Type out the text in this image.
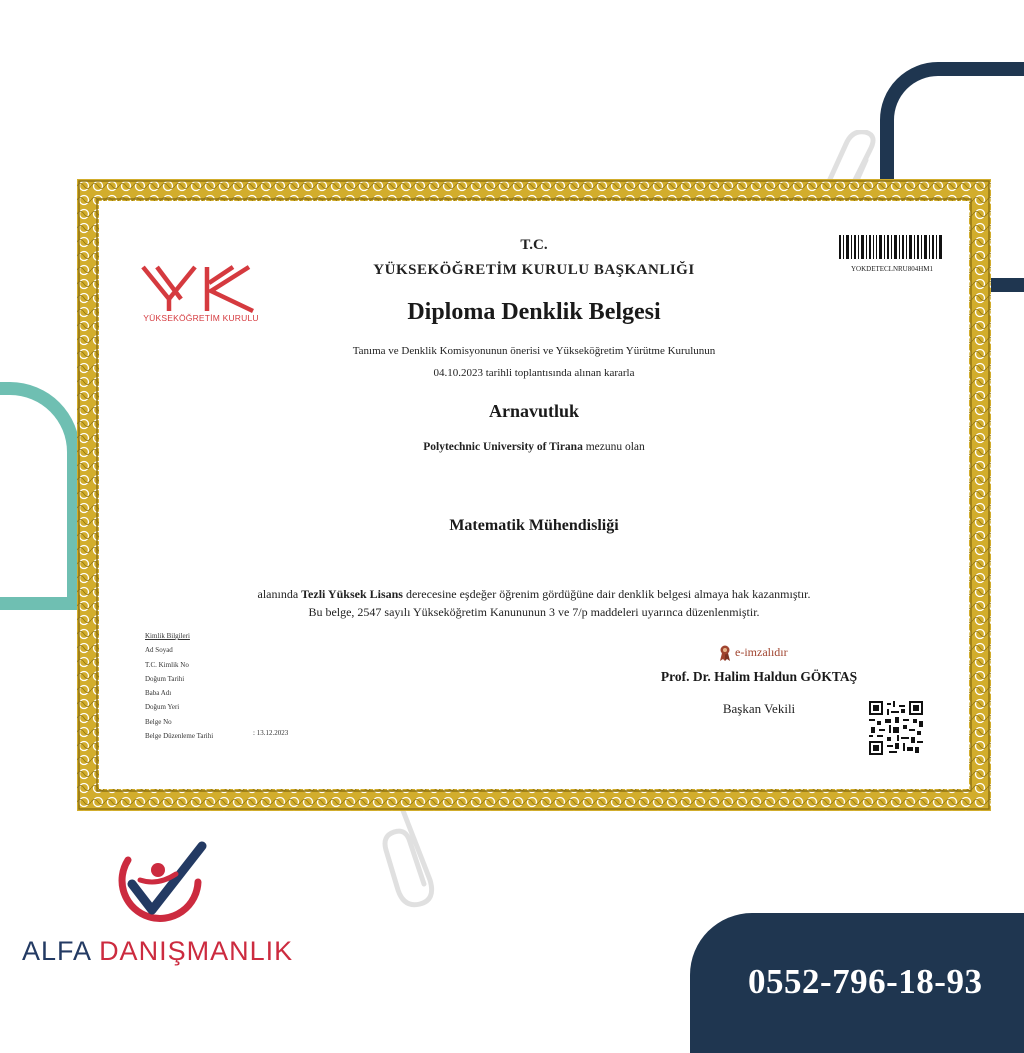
YÜKSEKÖĞRETİM KURULU
T.C.
YÜKSEKÖĞRETİM KURULU BAŞKANLIĞI
Diploma Denklik Belgesi
Tanıma ve Denklik Komisyonunun önerisi ve Yükseköğretim Yürütme Kurulunun
04.10.2023 tarihli toplantısında alınan kararla
Arnavutluk
Polytechnic University of Tirana mezunu olan
Matematik Mühendisliği
alanında Tezli Yüksek Lisans derecesine eşdeğer öğrenim gördüğüne dair denklik belgesi almaya hak kazanmıştır.
Bu belge, 2547 sayılı Yükseköğretim Kanununun 3 ve 7/p maddeleri uyarınca düzenlenmiştir.
YOKDETECLNRU804HM1
Kimlik Bilgileri
Ad Soyad
T.C. Kimlik No
Doğum Tarihi
Baba Adı
Doğum Yeri
Belge No
Belge Düzenleme Tarihi	: 13.12.2023
e-imzalıdır
Prof. Dr. Halim Haldun GÖKTAŞ
Başkan Vekili
ALFA DANIŞMANLIK
0552-796-18-93
